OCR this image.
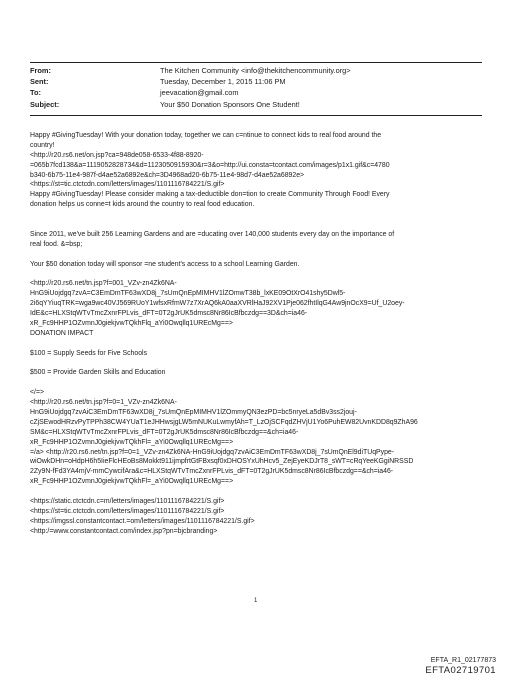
From:	The Kitchen Community <info@thekitchencommunity.org>
Sent:	Tuesday, December 1, 2015 11:06 PM
To:	jeevacation@gmail.com
Subject:	Your $50 Donation Sponsors One Student!
Happy #GivingTuesday! With your donation today, together we can c=ntinue to connect kids to real food around the
country!
<http://r20.rs6.net/on.jsp?ca=948de058-6533-4f88-8920-
=065b7fcd138&a=1119052828734&d=1123050915930&r=3&o=http://ui.consta=tcontact.com/images/p1x1.gif&c=4780
b340-6b75-11e4-987f-d4ae52a6892e&ch=3D4968ad20-6b75-11e4-98d7-d4ae52a6892e>
<https://st=tic.ctctcdn.com/letters/images/1101116784221/S.gif>
Happy #GivingTuesday! Please consider making a tax-deductible don=tion to create Community Through Food! Every
donation helps us conne=t kids around the country to real food education.
Since 2011, we've built 256 Learning Gardens and are =ducating over 140,000 students every day on the importance of
real food. &=bsp;
Your $50 donation today will sponsor =ne student's access to a school Learning Garden.
<http://r20.rs6.net/tn.jsp?f=001_VZv-zn4Zk6NA-
HnG9iUojdgq7zvA=C3EmDmTF63wXD8j_7sUmQnEpMIMHV1lZOmwT38b_lxKE09OtXrO41shy5Dwl5-
2i6qYYiuqTRK=wga9wc40VJ569RUoY1wfsxRfmW7z7XrAQ6kA0aaXVRlHaJ92XV1Pje062fhtIlqG4Aw9jnOcX9=Uf_U2oey-
IdE&c=HLXStqWTvTmcZxnrFPLvis_dFT=0T2gJrUK5dmsc8Nr86IcBfbczdg==3D&ch=ia46-
xR_Fc9HHP1OZvmnJ0giekjvwTQkhFlq_aYi0Owqllq1UREcMg==>
DONATION IMPACT
$100 = Supply Seeds for Five Schools
$500 = Provide Garden Skills and Education
</=>
<http://r20.rs6.net/tn.jsp?f=0=1_VZv-zn4Zk6NA-
HnG9iUojdgq7zvAiC3EmDmTF63wXD8j_7sUmQnEpMIMHV1lZOmmyQN3ezPD=bc5nryeLa5dBv3ss2jouj-
cZjSEwodHRzvPyTPPh38CW4YUaT1eJHHwsjgLW5mNUKuLwmyfAh=T_LzOjSCFqdZHVjU1Yo6PuhEW82UvnKDD8q9ZhA96
SM&c=HLXStqWTvTmcZxnrFPLvis_dFT=0T2gJrUK5dmsc8Nr86IcBfbczdg==&ch=ia46-
xR_Fc9HHP1OZvmnJ0giekjvwTQkhFl=_aYi0Owqllq1UREcMg==>
=/a> <http://r20.rs6.net/tn.jsp?f=0=1_VZv-zn4Zk6NA-HnG9iUojdgq7zvAiC3EmDmTF63wXD8j_7sUmQnEl9diTUqPype-
wiOwkDHn=oHdpH6h5IieFlcHEoBs8Mokkt911ijmpfrtGtFBxsqf0xDHOSYxUhHcv5_ZejEyeKDJrT8_sWT=cRqYeeKGgiNRSSD
2Zy9N-fFd3YA4mjV-mmCywcifAra&c=HLXStqWTvTmcZxnrFPLvis_dFT=0T2gJrUK5dmsc8Nr86IcBfbczdg==&ch=ia46-
xR_Fc9HHP1OZvmnJ0giekjvwTQkhFl=_aYi0Owqllq1UREcMg==>
<https://static.ctctcdn.c=m/letters/images/1101116784221/S.gif>
<https://st=tic.ctctcdn.com/letters/images/1101116784221/S.gif>
<https://imgssl.constantcontact.=om/letters/images/1101116784221/S.gif>
<http:/=www.constantcontact.com/index.jsp?pn=bjcbranding>
1
EFTA_R1_02177873
EFTA02719701
